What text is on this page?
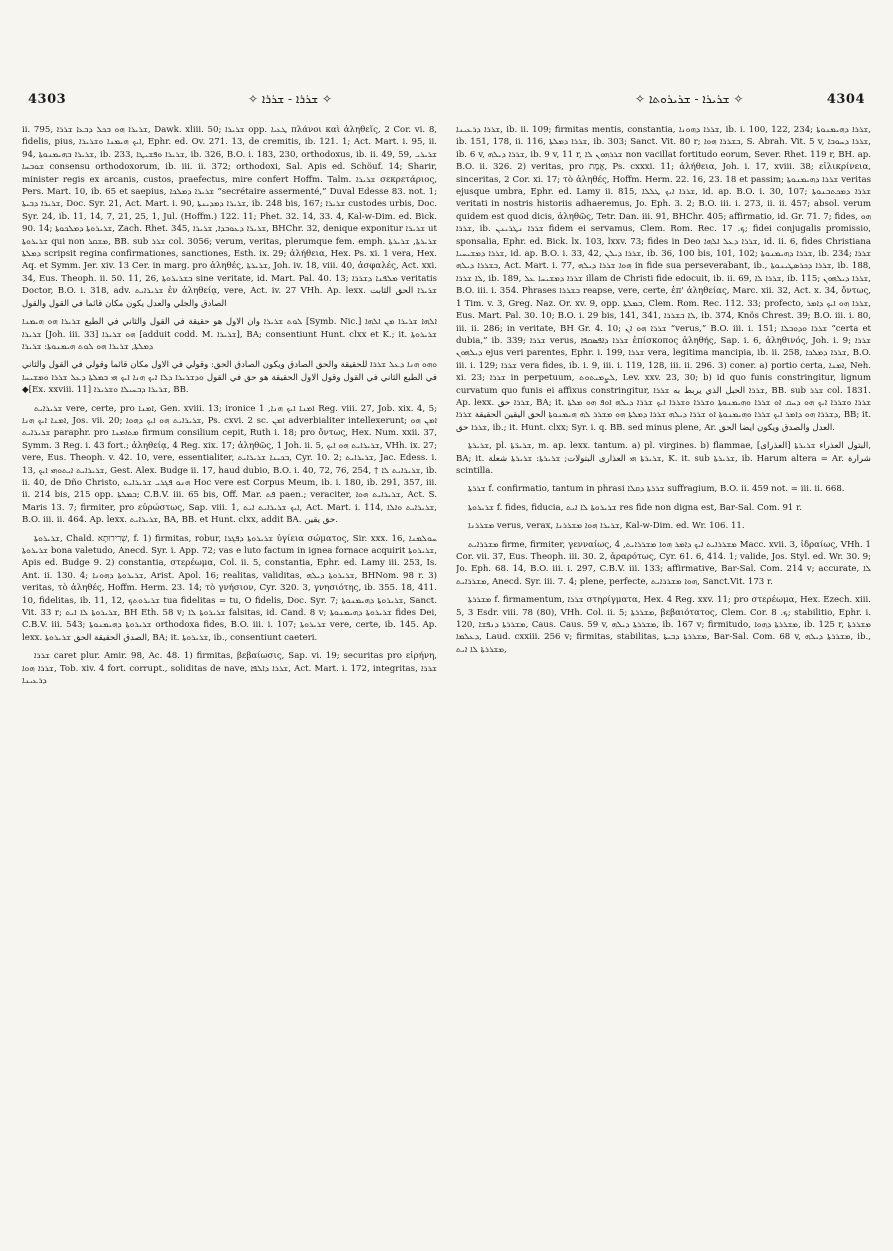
4303	✧ ܫܪܪܐ - ܫܪܪܐ ✧	✧ ܫܪܝܪܐ - ܫܪܝܪܘܬܐ ✧	4304

ii. 795, ܫܪܝܪܐ ܗܘ ܒܟܠ ܕܒܥܐ ܫܪܪܐ, Dawk. xliii. 50; ܫܪܝܪܐ opp. ܛܥܝܐ πλάνοι καὶ ἀληθεῖς, 2 Cor. vi. 8, fidelis, pius, ܐܝܟ ܗܝܡܢܐ ܘܫܪܝܪܐ, Ephr. ed. Ov. 271. 13, de cremitis, ib. 121. 1; Act. Mart. i. 95, ii. 94, ܫܪܝܪܐ ܒܗܝܡܢܘܬܐ, ib. 233, ܫܪܝܪܐ ܘܦܫܝܛܐ, ib. 326, B.O. i. 183, 230, orthodoxus, ib. ii. 49, 59, ܫܪܝܪܝ ܫܘܒܚܐ consensu orthodoxorum, ib. iii. ii. 372; orthodoxi, Sal. Apis ed. Schöuf. 14; Sharir, minister regis ex arcanis, custos, praefectus, mire confert Hoffm. Talm. ܫܪܝܪܐ σεκρετάριος, Pers. Mart. 10, ib. 65 et saepius, ܫܪܝܪܐ ܕܡܠܟܐ “secrétaire assermenté,” Duval Edesse 83. not. 1; ܫܪܝܪܐ ܕܒܝܬܐ, Doc. Syr. 21, Act. Mart. i. 90, ܫܪܝܪܐ ܕܡܕܝܢܬܐ, ib. 248 bis, 167; ܫܪܝܪܐ custodes urbis, Doc. Syr. 24, ib. 11, 14, 7, 21, 25, 1, Jul. (Hoffm.) 122. 11; Phet. 32. 14, 33. 4, Kal-w-Dim. ed. Bick. 90. 14; ܫܪܝܪܘܬܐ ܕܡܠܟܘܬܐ, Zach. Rhet. 345, ܫܪܝܪܐ ܕܥܘܒܕܐ, ܫܪܝܪܐ, BHChr. 32, denique exponitur ܫܪܝܪܐ ut ܫܪܝܪܘܬܐ qui non ܡܫܩܪ, BB. sub ܫܪܪ col. 3056; verum, veritas, plerumque fem. emph. ܫܪܝܪܬܐ, ܫܪܝܪܬܐ ܕܡܠܬܐ scripsit regina confirmationes, sanctiones, Esth. ix. 29; ἀλήθεια, Hex. Ps. xi. 1 vera, Hex. Aq. et Symm. Jer. xiv. 13 Cer. in marg. pro ἀληθές, ܫܪܝܪܬܐ, Joh. iv. 18, viii. 40, ἀσφαλές, Act. xxi. 34, Eus. Theoph. ii. 50. 11, 26, ܒܫܪܝܪܘܬܐ sine veritate, id. Mart. Pal. 40. 13; ܡܠܦܢܐ ܕܫܪܪܐ veritatis Doctor, B.O. i. 318, adv. ܫܪܝܪܐܝܬ ἐν ἀληθείᾳ, vere, Act. iv. 27 VHh. Ap. lexx. ܫܪܝܪܐ الحق الثابت الصادق والجلي والعدل يكون مكان قائما في القول والقول

ܠܘܬ ܫܪܝܪܐ وان الاول هو حقيقة في القول والثاني في الطبع ܫܪܝܪܐ ܗܘ ܗܝܡܢܐ [Symb. Nic.] ܐܠܗܐ ܫܪܝܪܐ ܡܢ ܐܠܗܐ ܫܪܝܪܐ [Joh. iii. 33] ܗܘ ܫܪܝܪܐ [adduit codd. M. ܫܪܝܪܐ], BA; consentiunt Hunt. clxx et K.; it. ܫܪܝܪܘܬܐ ܕܡܠܬܐ, ܫܪܝܪܐ ܗܘ ܠܘܬ ܗܝܡܢܘܬܐ: ܫܪܝܪܐ

ܘܗܘ ܗܢܐ ܕܥܠ ܫܪܪܐ للحقيقة والحق الصادق ويكون الصادق الحق: وقولي في الاول مكان قائما وقولي في القول والثاني في الطبع الثاني في القول وقول الاول الحقيقة هو حق في القول ܘܕܫܪܝܪܐ ܕܠܐ ܐܝܟ ܗܢܐ ܐܝܟ ܗܝ ܒܡܠܬܐ ܕܥܠ ܫܪܪܐ ܘܡܫܝܚܐ ◆[Ex. xxviii. 11] ܫܪܝܪܐ ܕܒܚܝܠܐ ܘܫܪܝܪܐ, BB.

ܫܪܝܪܐܝܬ vere, certe, pro ܐܡܢܐ, Gen. xviii. 13; ironice ܐܡܢܐ ܐܝܟ ܗܢܐ, 1 Reg. viii. 27, Job. xix. 4, 5; ܐܡܢܐ ܐܝܟ ܗܢܐ, Jos. vii. 20; ܫܪܝܪܐܝܬ ܗܘ ܐܝܟ ܕܗܘܐ, Ps. cxvi. 2 sc. ܐܡܢ adverbialiter intellexerunt; ܐܡܢ ܗܘ ܫܪܝܪܐܝܬ paraphr. pro ܡܬܐܡܢܐ firmum consilium cepit, Ruth i. 18; pro ὄντως, Hex. Num. xxii. 37, Symm. 3 Reg. i. 43 fort.; ἀληθείᾳ, 4 Reg. xix. 17; ἀληθῶς, 1 Joh. ii. 5, ܫܪܝܪܐܝܬ ܗܘ ܐܝܟ, VHh. ix. 27; vere, Eus. Theoph. v. 42. 10, vere, essentialiter, ܒܟܝܢܐ ܫܪܝܪܐܝܬ, Cyr. 10. 2; ܫܪܝܪܐܝܬ, Jac. Edess. i. 13, ܫܪܝܪܐܝܬ ܐܝܬܘܗܝ ܐܝܟ, Gest. Alex. Budge ii. 17, haud dubio, B.O. i. 40, 72, 76, 254, † ܫܪܝܪܐܝܬ ܠܐ, ib. ii. 40, de Dño Christo, ܗܢܘ ܦܓܪܝ ܫܪܝܪܐܝܬ Hoc vere est Corpus Meum, ib. i. 180, ib. 291, 357, iii. ii. 214 bis, 215 opp. ܒܡܠܬܐ; C.B.V. iii. 65 bis, Off. Mar. ܦܬ paen.; veraciter, ܫܪܝܪܐܝܬ ܗܘܐ, Act. S. Maris 13. 7; firmiter, pro εὐρώστως, Sap. viii. 1, ܐܝܟ ܫܪܝܪܐܝܬ ܐܝܬ, Act. Mart. i. 114, ܫܪܝܪܐܝܬ ܘܐܠܐ, B.O. iii. ii. 464. Ap. lexx. ܫܪܝܪܐܝܬ, BA, BB. et Hunt. clxx, addit BA. حق يقين.

ܫܪܝܪܘܬܐ, Chald. שְׁרִירוּתָא, f. 1) firmitas, robur, ܫܪܝܪܘܬܐ ܕܦܓܪܐ ὑγίεια σώματος, Sir. xxx. 16, ܚܘܠܡܢܐ ܫܪܝܪܘܬܐ bona valetudo, Anecd. Syr. i. App. 72; vas e luto factum in ignea fornace acquirit ܫܪܝܪܘܬܐ, Apis ed. Budge 9. 2) constantia, στερέωμα, Col. ii. 5, constantia, Ephr. ed. Lamy iii. 253, Is. Ant. ii. 130. 4; ܫܪܝܪܘܬܐ ܕܗܘܢܐ, Arist. Apol. 16; realitas, validitas, ܫܪܝܪܘܬܐ ܕܝܠܗ, BHNom. 98 r. 3) veritas, τὸ ἀληθές, Hoffm. Herm. 23. 14; τὸ γνήσιον, Cyr. 320. 3, γνησιότης, ib. 355. 18, 411. 10, fidelitas, ib. 11, 12, ܫܪܝܪܘܬܟ tua fidelitas = tu, O fidelis, Doc. Syr. 7; ܫܪܝܪܘܬܐ ܕܗܝܡܢܘܬܐ, Sanct. Vit. 33 r; ܫܪܝܪܘܬܐ ܠܐ ܐܝܬ, BH Eth. 58 v; ܫܪܝܪܘܬܐ ܠܐ falsitas, id. Cand. 8 v; ܫܪܝܪܘܬܐ ܕܗܝܡܢܘܬܐ fides Dei, C.B.V. iii. 543; ܫܪܝܪܘܬܐ ܕܗܝܡܢܘܬܐ orthodoxa fides, B.O. iii. i. 107; ܫܪܝܪܘܬܐ vere, certe, ib. 145. Ap. lexx. الصدق الحقيقة الحق ܫܪܝܪܘܬܐ, BA; it. ܫܪܝܪܘܬܐ, ib., consentiunt caeteri.

ܫܪܪܐ caret plur. Amir. 98, Ac. 48. 1) firmitas, βεβαίωσις, Sap. vi. 19; securitas pro εἰρήνη, ܫܪܪܐ ܗܘܐ, Tob. xiv. 4 fort. corrupt., soliditas de nave, ܫܪܪܐ ܕܐܠܦܐ, Act. Mart. i. 172, integritas, ܫܪܪܐ ܕܪܥܝܢܐ

ܫܪܪܐ ܕܪܥܝܢܐ, ib. ii. 109; firmitas mentis, constantia, ܫܪܪܐ ܕܗܘܢܐ, ib. i. 100, 122, 234; ܫܪܪܐ ܕܗܝܡܢܘܬܐ, ib. 151, 178, ii. 116, ܫܪܪܐ ܕܡܠܬܐ, ib. 303; Sanct. Vit. 80 r; ܒܫܪܪܐ ܗܘܐ, S. Abrah. Vit. 5 v, ܫܪܪܐ ܕܚܘܒܐ, ib. 6 v, ܫܪܪܐ ܕܝܠܗ, ib. 9 v, 11 r, ܫܪܪܗܘܢ ܠܐ non vacillat fortitudo eorum, Sever. Rhet. 119 r, BH. ap. B.O. ii. 326. 2) veritas, pro אֱמֶת, Ps. cxxxi. 11; ἀλήθεια, Joh. i. 17, xviii. 38; εἰλικρίνεια, sinceritas, 2 Cor. xi. 17; τὸ ἀληθές, Hoffm. Herm. 22. 16, 23. 18 et passim; ܫܪܪܐ ܕܗܝܡܢܘܬܐ veritas ejusque umbra, Ephr. ed. Lamy ii. 815, ܫܪܪܐ ܐܝܟ ܛܠܠܐ, id. ap. B.O. i. 30, 107; ܫܪܪܐ ܕܡܟܬܒܢܘܬܐ veritati in nostris historiis adhaeremus, Jo. Eph. 3. 2; B.O. iii. i. 273, ii. ii. 457; absol. verum quidem est quod dicis, ἀληθῶς, Tetr. Dan. iii. 91, BHChr. 405; affirmatio, id. Gr. 71. 7; fides, ܗܘ ܫܪܪܐ, ib. ܫܪܪܐ ܢܛܪܝܢܢ fidem ei servamus, Clem. Rom. Rec. ܟ. 17; fidei conjugalis promissio, sponsalia, Ephr. ed. Bick. lx. 103, lxxv. 73; fides in Deo ܫܪܪܐ ܕܥܠ ܐܠܗܐ, id. ii. 6, fides Christiana ܫܪܪܐ ܕܡܫܝܚܝܐ, id. ap. B.O. i. 33, 42, ܫܪܪܐ ܕܝܠܢ, ib. 36, 100 bis, 101, 102; ܫܪܪܐ ܕܗܝܡܢܘܬܐ, ib. 234; ܫܪܪܐ ܒܫܪܪܐ ܕܝܠܗ, Act. Mart. i. 77, ܗܘܐ ܫܪܪܐ ܕܝܠܗ in fide sua perseverabant, ib., ܫܪܪܐ ܕܟܪܣܛܝܢܘܬܐ, ib. 188, ܠܐ ܫܪܪܐ, ib. 189, ܫܪܪܐ ܕܡܫܝܚܐ ܥܠ illam de Christi fide edocuit, ib. ii. 69, ܫܪܪܐ ܠܐ, ib. 115; ܫܪܪܐ ܕܝܠܗܘܢ, B.O. iii. i. 354. Phrases ܒܫܪܪܐ reapse, vere, certe, ἐπ' ἀληθείας, Marc. xii. 32, Act. x. 34, ὄντως, 1 Tim. v. 3, Greg. Naz. Or. xv. 9, opp. ܒܡܠܬܐ, Clem. Rom. Rec. 112. 33; profecto, ܫܪܪܐ ܗܘ ܐܝܟ ܕܐܡܪ, Eus. Mart. Pal. 30. 10; B.O. i. 29 bis, 141, 341, ܠܐ ܒܫܪܪܐ, ib. 374, Knös Chrest. 39; B.O. iii. i. 80, iii. ii. 286; in veritate, BH Gr. 4. 10; ܫܪܪܐ ܗܘ ܐܢ “verus,” B.O. iii. i. 151; ܫܪܪܐ ܘܕܘܒܠܐ “certa et dubia,” ib. 339; ܫܪܪܐ verus, ܫܪܪܐ ܕܐܦܣܩܦܐ ἐπίσκοπος ἀληθής, Sap. i. 6, ἀληθινός, Joh. i. 9; ܫܪܪܐ ܕܝܠܗܘܢ ejus veri parentes, Ephr. i. 199, ܫܪܪܐ vera, legitima mancipia, ib. ii. 258, ܫܪܪܐ ܕܡܠܟܐ, B.O. iii. i. 129; ܫܪܪܐ vera fides, ib. i. 9, iii. i. 119, 128, iii. ii. 296. 3) coner. a) portio certa, ܐܡܢܐ, Neh. xi. 23; ܫܪܪܐ in perpetuum, ܠܨܡܝܬܘܬ, Lev. xxv. 23, 30; b) id quo funis constringitur, lignum curvatum quo funis ei affixus constringitur, ܫܪܪܐ الحبل الذي يربط به ܫܪܪܐ, BB. sub ܫܪܪ col. 1831. Ap. lexx. ܫܪܪܐ حق, BA; it. ܫܪܪܐ ܘܫܪܪܐ ܐܝܟ ܗܘ ܕܚܩ ܐܘ ܫܪܪܐ ܘܗܝܡܢܘܬܐ ܘܫܪܪܐ ܘܫܪܪܐ ܐܝܟ ܫܪܪܐ ܕܝܠܗ ܐܘܦ ܗܘ ܡܠܬܐ ܕܫܪܪܐ ܗܘ ܕܐܡܪ ܐܝܟ ܫܪܪܐ ܘܗܝܡܢܘܬܐ ܐܘ ܫܪܪܐ ܕܝܠܗ ܫܪܪܐ ܕܡܠܬܐ ܗܘ ܡܫܪܪ ܠܗ ܗܝܡܢܘܬܐ الحق اليقين الحقيقة ܫܪܪܐ, BB; it. ܫܪܪܐ حق, ib.; it. Hunt. clxx; Syr. i. q. BB. sed minus plene, Ar. العدل والصدق ويكون ايضا الحق.

ܫܪܝܪܬܐ, pl. ܫܪܝܪ̈ܬܐ, m. ap. lexx. tantum. a) pl. virgines. b) flammae, [العذراى] البتول العذراء ܫܪܝܪܬܐ, BA; it. ܫܪܝܪܬܐ ܗܝ العذارى البتولات; ܫܪܝܪܬܐ: ܫܪܝܪܬܐ شعلة, K. it. sub ܫܪܝܪܬܐ, ib. Harum altera = Ar. شرارة scintilla.

ܫܪܪܬܐ f. confirmatio, tantum in phrasi ܫܪܪܬܐ ܕܩܠܐ suffragium, B.O. ii. 459 not. = iii. ii. 668.

ܫܪܝܪܘܬܐ f. fides, fiducia, ܫܪܝܪܘܬܐ ܠܐ ܐܝܬ res fide non digna est, Bar-Sal. Com. 91 r.

ܡܫܪܪܢܐ verus, verax, ܫܪܝܪܐ ܗܘܐ ܡܫܪܪܢܐ, Kal-w-Dim. ed. Wr. 106. 11.

ܡܫܪܪܐܝܬ firme, firmiter, γενναίως, ܡܫܪܪܐܝܬ ܐܝܟ ܕܐܡܪ ܗܘܐ ܡܫܪܪܐܝܬ, 4 Macc. xvii. 3, ἰδραίως, VHh. 1 Cor. vii. 37, Eus. Theoph. iii. 30. 2, ἀραρότως, Cyr. 61. 6, 414. 1; valide, Jos. Styl. ed. Wr. 30. 9; Jo. Eph. 68. 14, B.O. iii. i. 297, C.B.V. iii. 133; affirmative, Bar-Sal. Com. 214 v; accurate, ܠܐ ܡܫܪܪܐܝܬ, Anecd. Syr. iii. 7. 4; plene, perfecte, ܗܘܐ ܡܫܪܪܐܝܬ, Sanct.Vit. 173 r.

ܡܫܪܪܬܐ f. firmamentum, ܫܪܪܐ στηρίγματα, Hex. 4 Reg. xxv. 11; pro στερέωμα, Hex. Ezech. xiii. 5, 3 Esdr. viii. 78 (80), VHh. Col. ii. 5; ܡܫܪܪܬܐ, βεβαιότατος, Clem. Cor. ܟ. 8; stabilitio, Ephr. i. 120, ܡܫܪܪܬܐ ܕܢܦܫܐ, Caus. Caus. 59 v, ܡܫܪܪܬܐ ܕܝܠܗ, ib. 167 v; firmitudo, ܡܫܪܪܬܐ ܕܗܘܐ, ib. 125 r, ܡܫܪܪܬܐ ܕܥܠܡܐ, Laud. cxxiii. 256 v; firmitas, stabilitas, ܡܫܪܪܬܐ ܕܒܝܬܐ, Bar-Sal. Com. 68 v, ܡܫܪܪܬܐ ܕܝܠܗ, ib., ܡܫܪܪܬܐ ܠܐ ܐܝܬ,
